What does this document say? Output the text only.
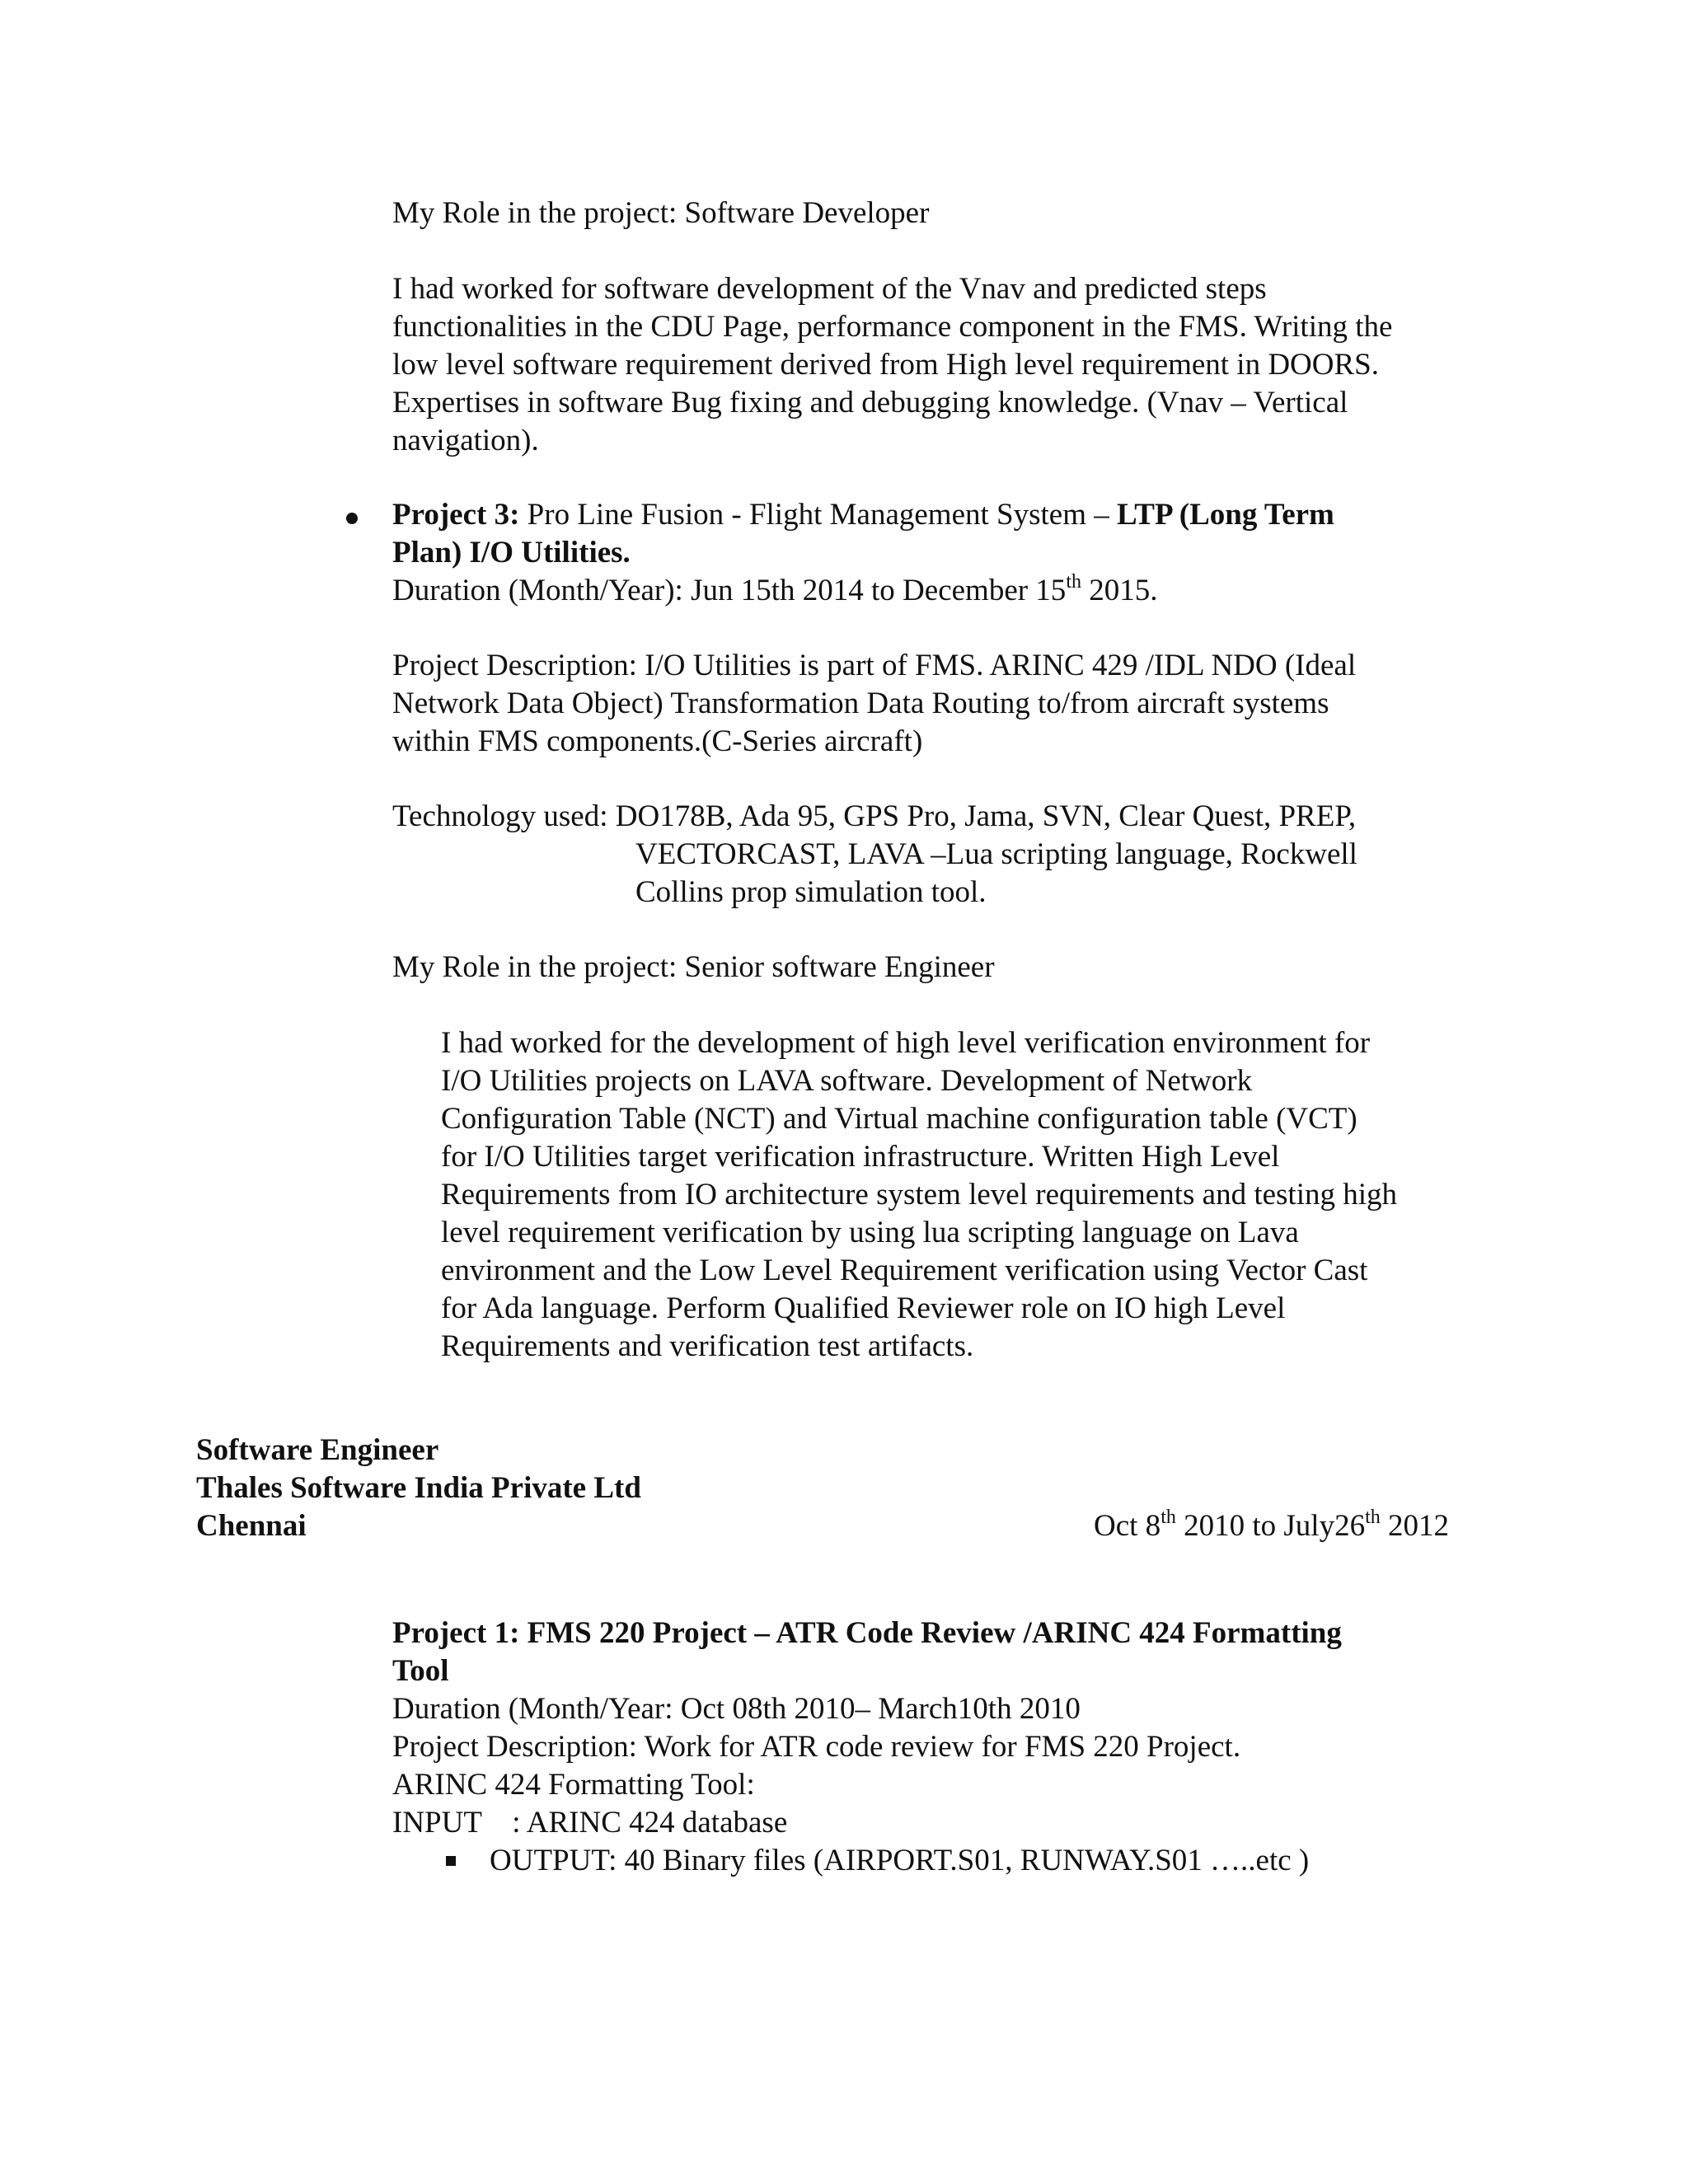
My Role in the project: Software Developer

I had worked for software development of the Vnav and predicted steps

functionalities in the CDU Page, performance component in the FMS. Writing the

low level software requirement derived from High level requirement in DOORS.

Expertises in software Bug fixing and debugging knowledge. (Vnav – Vertical

navigation).

Project 3: Pro Line Fusion - Flight Management System – LTP (Long Term

Plan) I/O Utilities.

Duration (Month/Year): Jun 15th 2014 to December 15th 2015.

Project Description: I/O Utilities is part of FMS. ARINC 429 /IDL NDO (Ideal

Network Data Object) Transformation Data Routing to/from aircraft systems

within FMS components.(C-Series aircraft)

Technology used: DO178B, Ada 95, GPS Pro, Jama, SVN, Clear Quest, PREP,

VECTORCAST, LAVA –Lua scripting language, Rockwell

Collins prop simulation tool.

My Role in the project: Senior software Engineer

I had worked for the development of high level verification environment for

I/O Utilities projects on LAVA software. Development of Network

Configuration Table (NCT) and Virtual machine configuration table (VCT)

for I/O Utilities target verification infrastructure. Written High Level

Requirements from IO architecture system level requirements and testing high

level requirement verification by using lua scripting language on Lava

environment and the Low Level Requirement verification using Vector Cast

for Ada language. Perform Qualified Reviewer role on IO high Level

Requirements and verification test artifacts.

Software Engineer

Thales Software India Private Ltd

Chennai	Oct 8th 2010 to July26th 2012

Project 1: FMS 220 Project – ATR Code Review /ARINC 424 Formatting

Tool

Duration (Month/Year: Oct 08th 2010– March10th 2010

Project Description: Work for ATR code review for FMS 220 Project.

ARINC 424 Formatting Tool:

INPUT    : ARINC 424 database

OUTPUT: 40 Binary files (AIRPORT.S01, RUNWAY.S01 …..etc )
